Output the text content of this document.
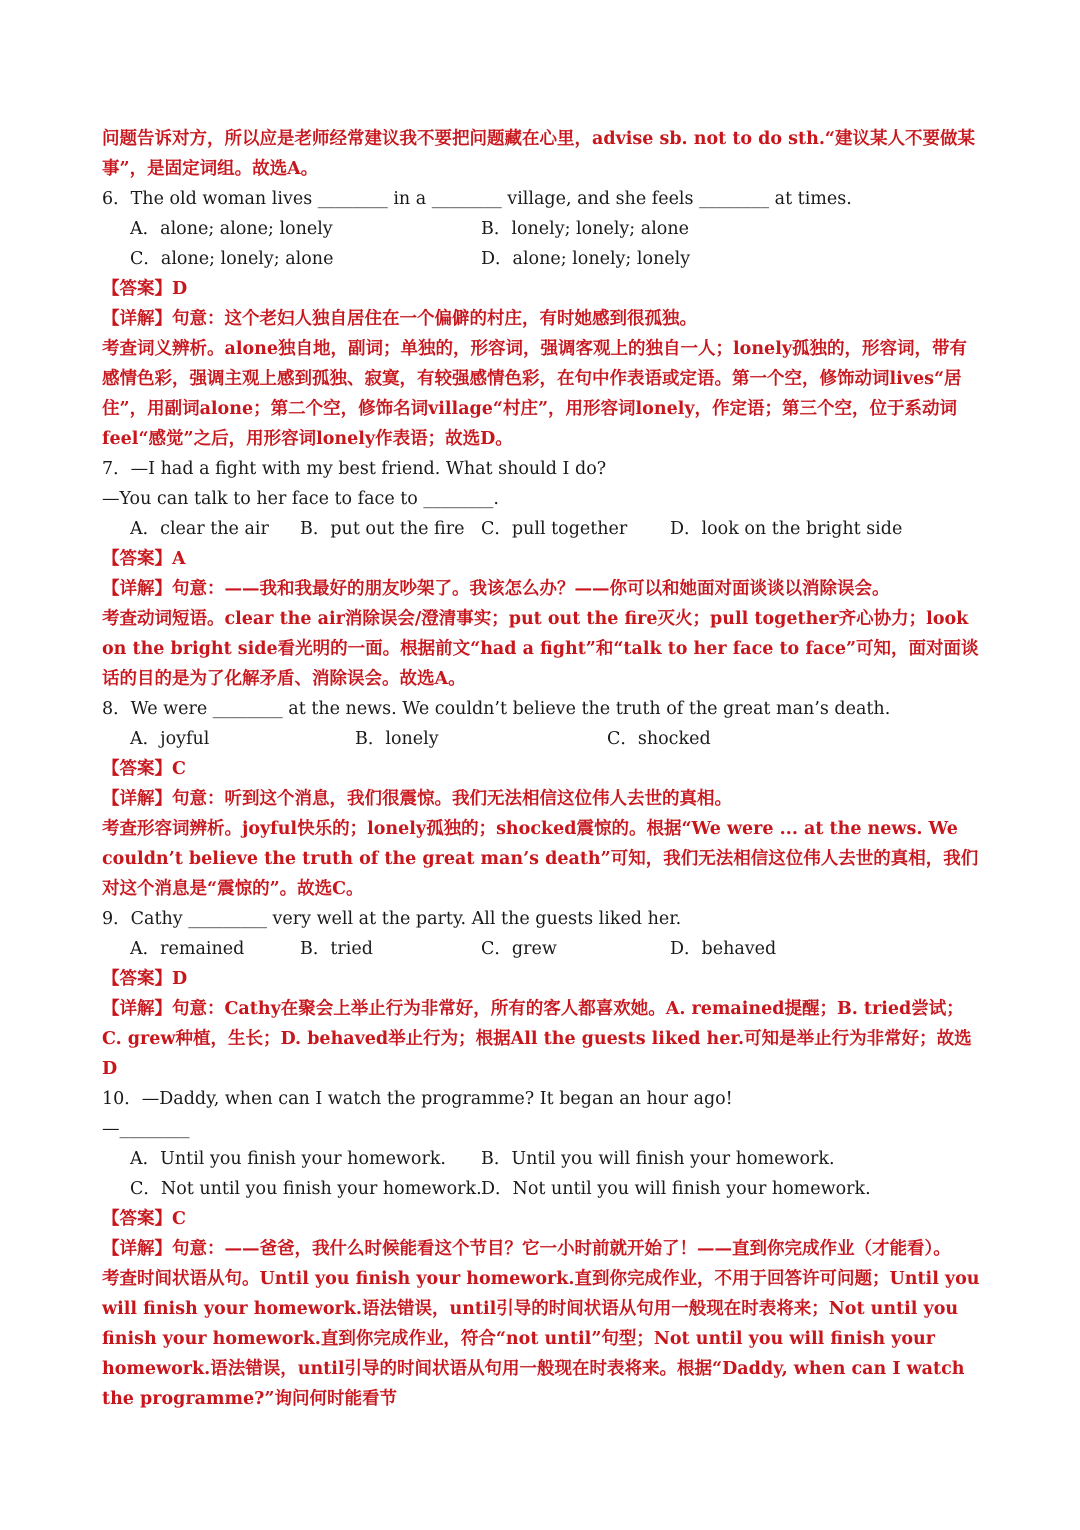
问题告诉对方，所以应是老师经常建议我不要把问题藏在心里，advise sb. not to do sth.“建议某人不要做某事”，是固定词组。故选A。

6．The old woman lives ________ in a ________ village, and she feels ________ at times.

A．alone; alone; lonely	B．lonely; lonely; alone
C．alone; lonely; alone	D．alone; lonely; lonely

【答案】D

【详解】句意：这个老妇人独自居住在一个偏僻的村庄，有时她感到很孤独。

考查词义辨析。alone独自地，副词；单独的，形容词，强调客观上的独自一人；lonely孤独的，形容词，带有感情色彩，强调主观上感到孤独、寂寞，有较强感情色彩，在句中作表语或定语。第一个空，修饰动词lives“居住”，用副词alone；第二个空，修饰名词village“村庄”，用形容词lonely，作定语；第三个空，位于系动词feel“感觉”之后，用形容词lonely作表语；故选D。

7．—I had a fight with my best friend. What should I do?

—You can talk to her face to face to ________.

A．clear the air	B．put out the fire C．pull together	D．look on the bright side

【答案】A

【详解】句意：——我和我最好的朋友吵架了。我该怎么办？——你可以和她面对面谈谈以消除误会。

考查动词短语。clear the air消除误会/澄清事实；put out the fire灭火；pull together齐心协力；look on the bright side看光明的一面。根据前文“had a fight”和“talk to her face to face”可知，面对面谈话的目的是为了化解矛盾、消除误会。故选A。

8．We were ________ at the news. We couldn’t believe the truth of the great man’s death.

A．joyful	B．lonely	C．shocked

【答案】C

【详解】句意：听到这个消息，我们很震惊。我们无法相信这位伟人去世的真相。

考查形容词辨析。joyful快乐的；lonely孤独的；shocked震惊的。根据“We were ... at the news. We couldn’t believe the truth of the great man’s death”可知，我们无法相信这位伟人去世的真相，我们对这个消息是“震惊的”。故选C。

9．Cathy _________ very well at the party. All the guests liked her.

A．remained	B．tried	C．grew	D．behaved

【答案】D

【详解】句意：Cathy在聚会上举止行为非常好，所有的客人都喜欢她。A. remained提醒；B. tried尝试；C. grew种植，生长；D. behaved举止行为；根据All the guests liked her.可知是举止行为非常好；故选D

10．—Daddy, when can I watch the programme? It began an hour ago!

—________

A．Until you finish your homework.	B．Until you will finish your homework.
C．Not until you finish your homework. D．Not until you will finish your homework.

【答案】C

【详解】句意：——爸爸，我什么时候能看这个节目？它一小时前就开始了！——直到你完成作业（才能看）。

考查时间状语从句。Until you finish your homework.直到你完成作业，不用于回答许可问题；Until you will finish your homework.语法错误，until引导的时间状语从句用一般现在时表将来；Not until you finish your homework.直到你完成作业，符合“not until”句型；Not until you will finish your homework.语法错误，until引导的时间状语从句用一般现在时表将来。根据“Daddy, when can I watch the programme?”询问何时能看节
